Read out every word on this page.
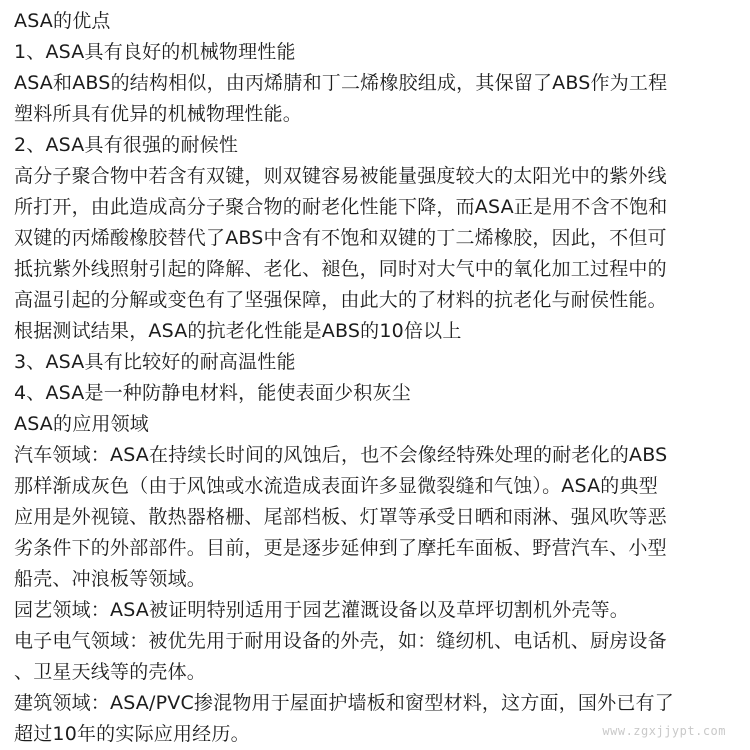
ASA的优点
1、ASA具有良好的机械物理性能
ASA和ABS的结构相似，由丙烯腈和丁二烯橡胶组成，其保留了ABS作为工程
塑料所具有优异的机械物理性能。
2、ASA具有很强的耐候性
高分子聚合物中若含有双键，则双键容易被能量强度较大的太阳光中的紫外线
所打开，由此造成高分子聚合物的耐老化性能下降，而ASA正是用不含不饱和
双键的丙烯酸橡胶替代了ABS中含有不饱和双键的丁二烯橡胶，因此，不但可
抵抗紫外线照射引起的降解、老化、褪色，同时对大气中的氧化加工过程中的
高温引起的分解或变色有了坚强保障，由此大的了材料的抗老化与耐侯性能。
根据测试结果，ASA的抗老化性能是ABS的10倍以上
3、ASA具有比较好的耐高温性能
4、ASA是一种防静电材料，能使表面少积灰尘
ASA的应用领域
汽车领域：ASA在持续长时间的风蚀后，也不会像经特殊处理的耐老化的ABS
那样渐成灰色（由于风蚀或水流造成表面许多显微裂缝和气蚀）。ASA的典型
应用是外视镜、散热器格栅、尾部档板、灯罩等承受日晒和雨淋、强风吹等恶
劣条件下的外部部件。目前，更是逐步延伸到了摩托车面板、野营汽车、小型
船壳、冲浪板等领域。
园艺领域：ASA被证明特别适用于园艺灌溉设备以及草坪切割机外壳等。
电子电气领域：被优先用于耐用设备的外壳，如：缝纫机、电话机、厨房设备
、卫星天线等的壳体。
建筑领域：ASA/PVC掺混物用于屋面护墙板和窗型材料，这方面，国外已有了
超过10年的实际应用经历。	www.zgxjjypt.com
